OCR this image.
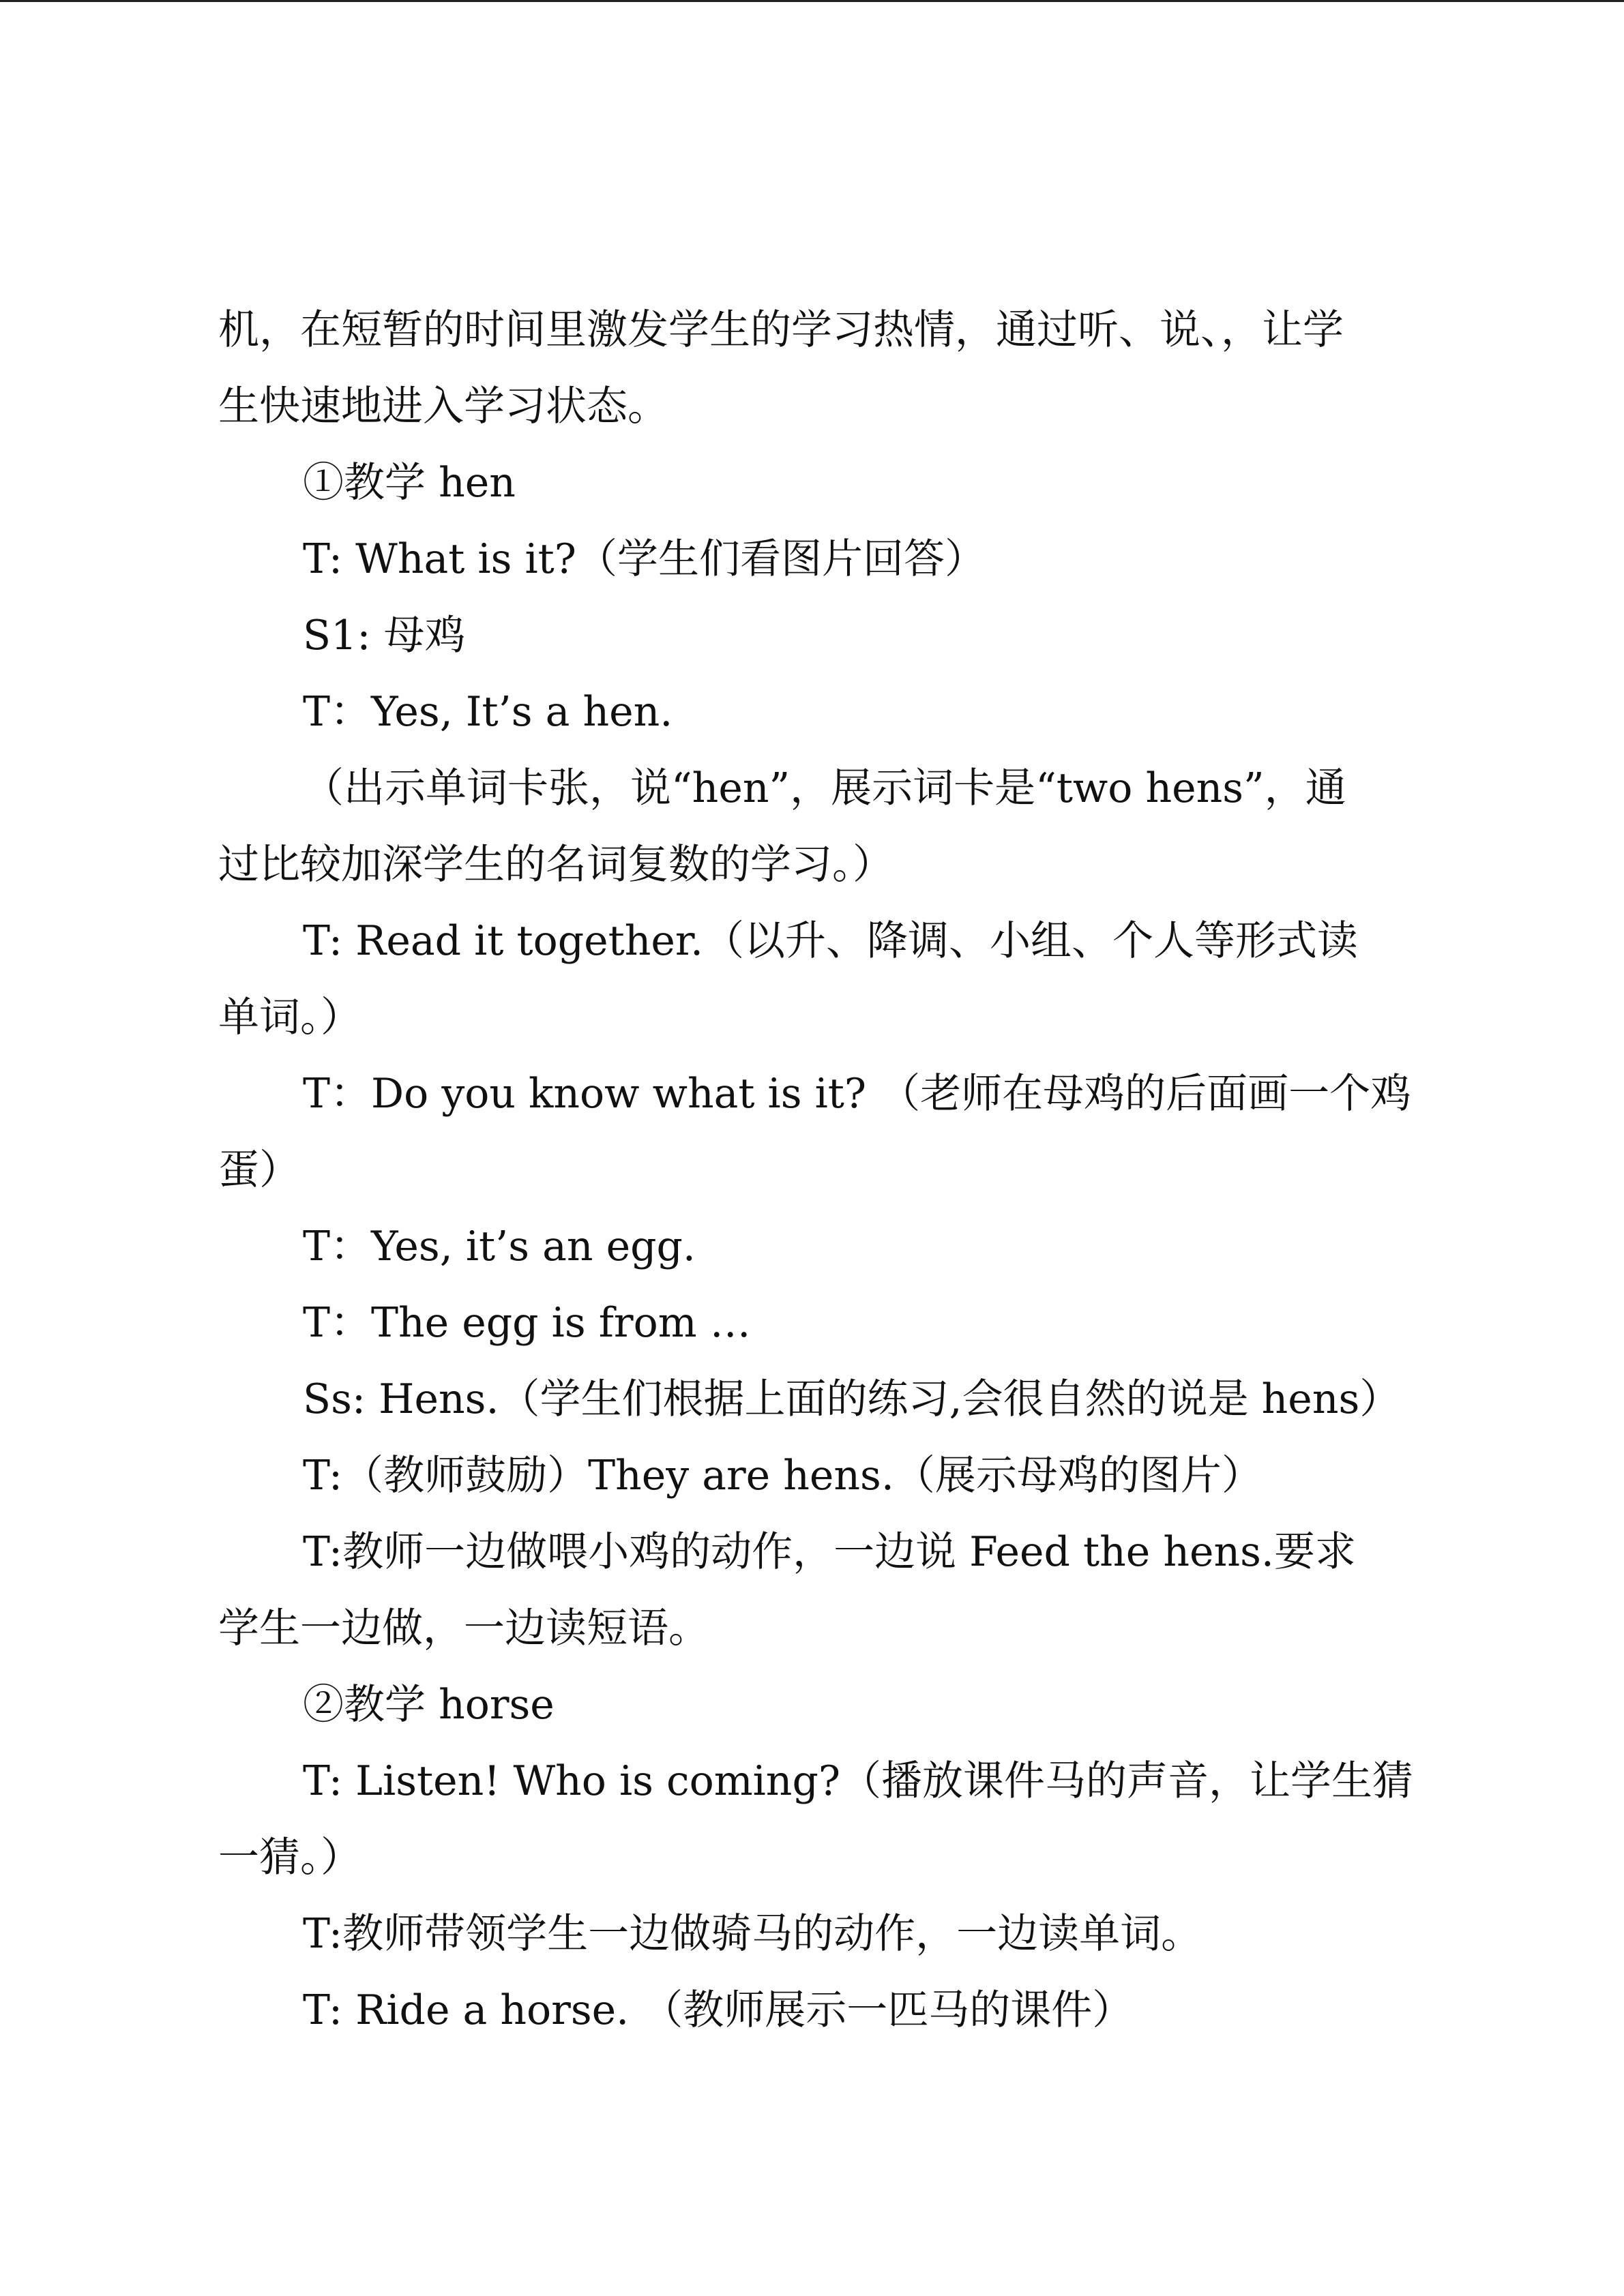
机，在短暂的时间里激发学生的学习热情，通过听、说、，让学
生快速地进入学习状态。
①教学 hen
T: What is it?（学生们看图片回答）
S1: 母鸡
T：Yes, It’s a hen.
（出示单词卡张，说“hen”，展示词卡是“two hens”，通
过比较加深学生的名词复数的学习。）
T: Read it together.（以升、降调、小组、个人等形式读
单词。）
T：Do you know what is it? （老师在母鸡的后面画一个鸡
蛋）
T：Yes, it’s an egg.
T：The egg is from …
Ss: Hens.（学生们根据上面的练习,会很自然的说是 hens）
T:（教师鼓励）They are hens.（展示母鸡的图片）
T:教师一边做喂小鸡的动作，一边说 Feed the hens.要求
学生一边做，一边读短语。
②教学 horse
T: Listen! Who is coming?（播放课件马的声音，让学生猜
一猜。）
T:教师带领学生一边做骑马的动作，一边读单词。
T: Ride a horse. （教师展示一匹马的课件）
